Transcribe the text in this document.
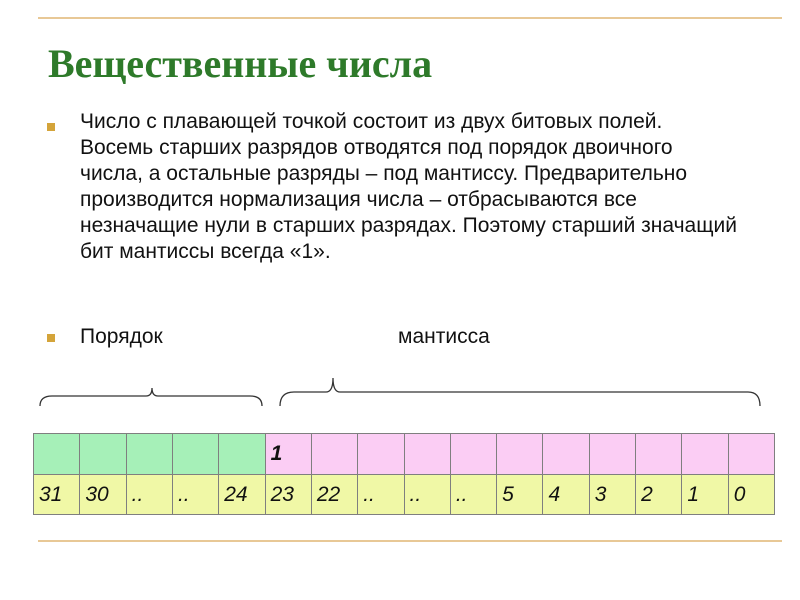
Вещественные числа
Число с плавающей точкой состоит из двух битовых полей. Восемь старших разрядов отводятся под порядок двоичного числа, а остальные разряды – под мантиссу. Предварительно производится нормализация числа – отбрасываются все незначащие нули в старших разрядах. Поэтому старший значащий бит мантиссы всегда «1».
Порядок	мантисса
					1										
31	30	..	..	24	23	22	..	..	..	5	4	3	2	1	0
